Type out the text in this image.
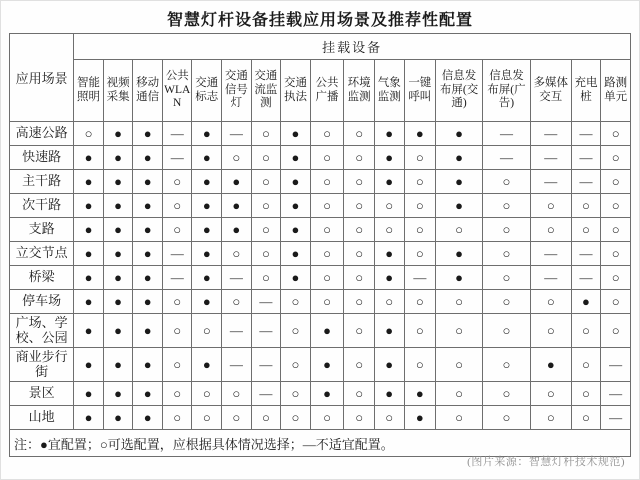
智慧灯杆设备挂载应用场景及推荐性配置
应用场景	挂载设备																
	智能照明	视频采集	移动通信	公共WLAN	交通标志	交通信号灯	交通流监测	交通执法	公共广播	环境监测	气象监测	一键呼叫	信息发布屏(交通)	信息发布屏(广告)	多媒体交互	充电桩	路测单元
高速公路	○	●	●	—	●	—	○	●	○	○	●	●	●	—	—	—	○
快速路	●	●	●	—	●	○	○	●	○	○	●	○	●	—	—	—	○
主干路	●	●	●	○	●	●	○	●	○	○	●	○	●	○	—	—	○
次干路	●	●	●	○	●	●	○	●	○	○	○	○	●	○	○	○	○
支路	●	●	●	○	●	●	○	●	○	○	○	○	○	○	○	○	○
立交节点	●	●	●	—	●	○	○	●	○	○	●	○	●	○	—	—	○
桥梁	●	●	●	—	●	—	○	●	○	○	●	—	●	○	—	—	○
停车场	●	●	●	○	●	○	—	○	○	○	○	○	○	○	○	●	○
广场、学校、公园	●	●	●	○	○	—	—	○	●	○	●	○	○	○	○	○	○
商业步行街	●	●	●	○	●	—	—	○	●	○	●	○	○	○	●	○	—
景区	●	●	●	○	○	○	—	○	●	○	●	●	○	○	○	○	—
山地	●	●	●	○	○	○	○	○	○	○	○	●	○	○	○	○	—
注：●宜配置；○可选配置，应根据具体情况选择；—不适宜配置。																	
(图片来源：智慧灯杆技术规范)
